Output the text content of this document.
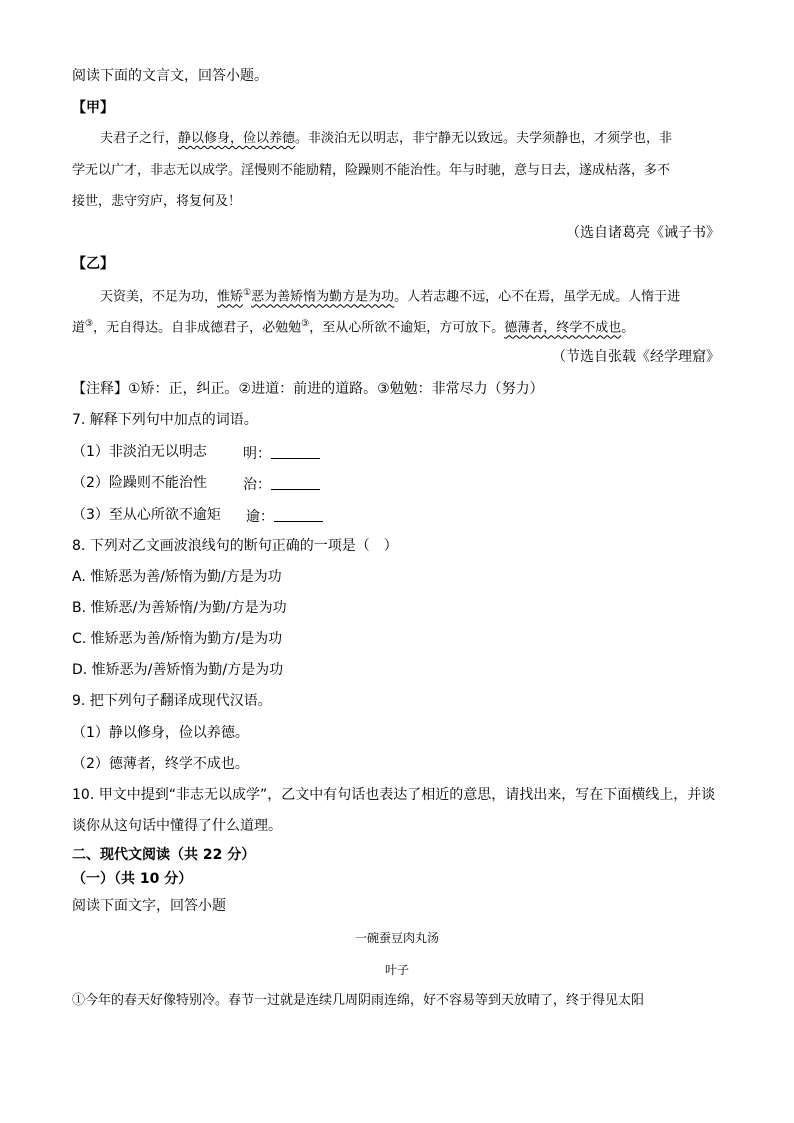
阅读下面的文言文，回答小题。
【甲】
夫君子之行，静以修身，俭以养德。非淡泊无以明志，非宁静无以致远。夫学须静也，才须学也，非
学无以广才，非志无以成学。淫慢则不能励精，险躁则不能治性。年与时驰，意与日去，遂成枯落，多不
接世，悲守穷庐，将复何及！
（选自诸葛亮《诫子书》
【乙】
天资美，不足为功，惟矫①恶为善矫惰为勤方是为功。人若志趣不远，心不在焉，虽学无成。人惰于进
道③，无自得达。自非成德君子，必勉勉③，至从心所欲不逾矩，方可放下。德薄者，终学不成也。
（节选自张载《经学理窟》
【注释】①矫：正，纠正。②进道：前进的道路。③勉勉：非常尽力（努力）
7. 解释下列句中加点的词语。
（1）非淡泊无以明志	明：
（2）险躁则不能治性	治：
（3）至从心所欲不逾矩 逾：
8. 下列对乙文画波浪线句的断句正确的一项是（　）
A. 惟矫恶为善/矫惰为勤/方是为功
B. 惟矫恶/为善矫惰/为勤/方是为功
C. 惟矫恶为善/矫惰为勤方/是为功
D. 惟矫恶为/善矫惰为勤/方是为功
9. 把下列句子翻译成现代汉语。
（1）静以修身，俭以养德。
（2）德薄者，终学不成也。
10. 甲文中提到“非志无以成学”，乙文中有句话也表达了相近的意思，请找出来，写在下面横线上，并谈
谈你从这句话中懂得了什么道理。
二、现代文阅读（共 22 分）
（一）（共 10 分）
阅读下面文字，回答小题
一碗蚕豆肉丸汤
叶子
①今年的春天好像特别冷。春节一过就是连续几周阴雨连绵，好不容易等到天放晴了，终于得见太阳
